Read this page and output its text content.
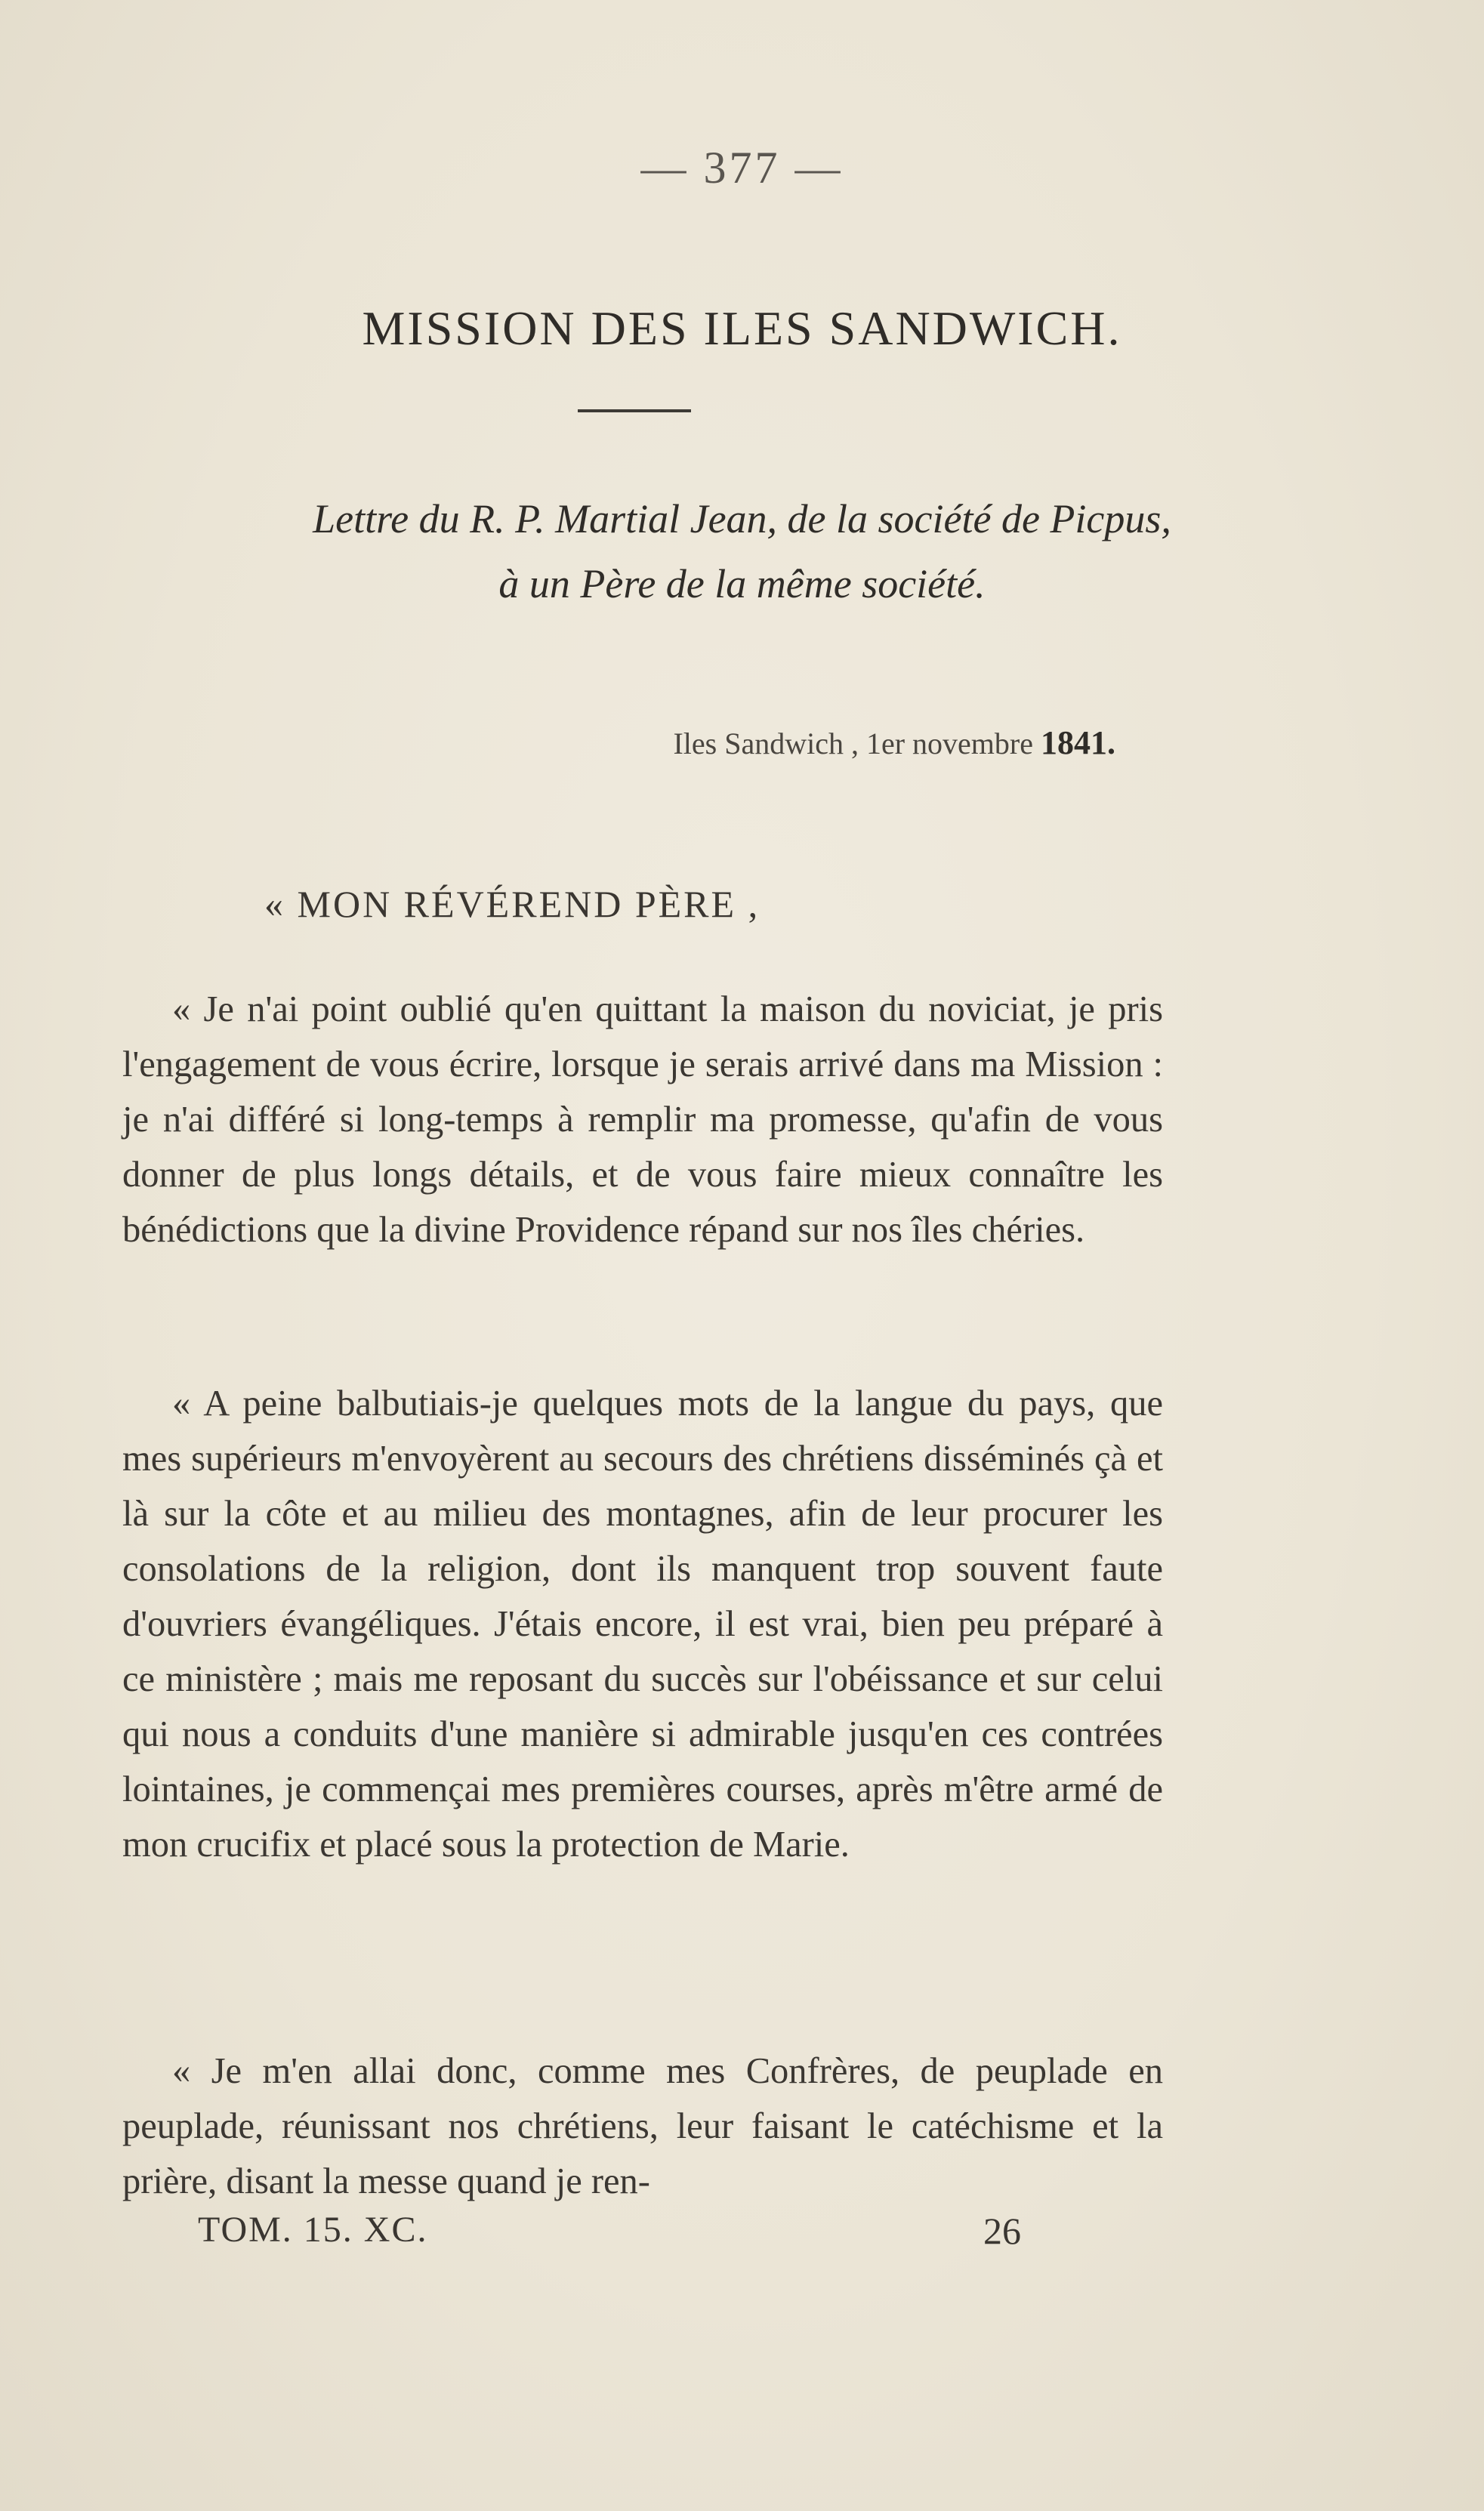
— 377 —
MISSION DES ILES SANDWICH.
Lettre du R. P. Martial Jean, de la société de Picpus,
à un Père de la même société.
Iles Sandwich , 1er novembre 1841.
« MON RÉVÉREND PÈRE ,

« Je n'ai point oublié qu'en quittant la maison du noviciat, je pris l'engagement de vous écrire, lorsque je serais arrivé dans ma Mission : je n'ai différé si long-temps à remplir ma promesse, qu'afin de vous donner de plus longs détails, et de vous faire mieux connaître les bénédictions que la divine Providence répand sur nos îles chéries.

« A peine balbutiais-je quelques mots de la langue du pays, que mes supérieurs m'envoyèrent au secours des chrétiens disséminés çà et là sur la côte et au milieu des montagnes, afin de leur procurer les consolations de la religion, dont ils manquent trop souvent faute d'ouvriers évangéliques. J'étais encore, il est vrai, bien peu préparé à ce ministère ; mais me reposant du succès sur l'obéissance et sur celui qui nous a conduits d'une manière si admirable jusqu'en ces contrées lointaines, je commençai mes premières courses, après m'être armé de mon crucifix et placé sous la protection de Marie.

« Je m'en allai donc, comme mes Confrères, de peuplade en peuplade, réunissant nos chrétiens, leur faisant le catéchisme et la prière, disant la messe quand je ren-

TOM. 15. XC.	26
